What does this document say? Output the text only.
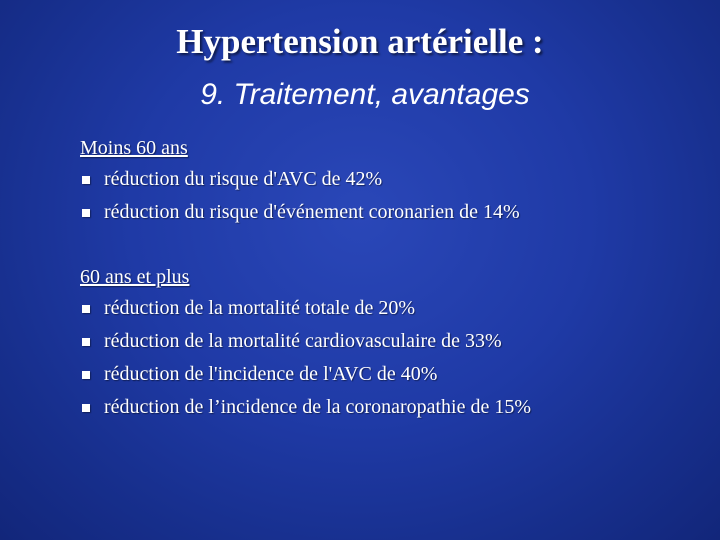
Hypertension artérielle :
9. Traitement, avantages
Moins 60 ans
réduction du risque d'AVC de 42%
réduction du risque d'événement coronarien de 14%
60 ans et plus
réduction de la mortalité totale de 20%
réduction de la mortalité cardiovasculaire de 33%
réduction de l'incidence de l'AVC de 40%
réduction de l’incidence de la coronaropathie de 15%
